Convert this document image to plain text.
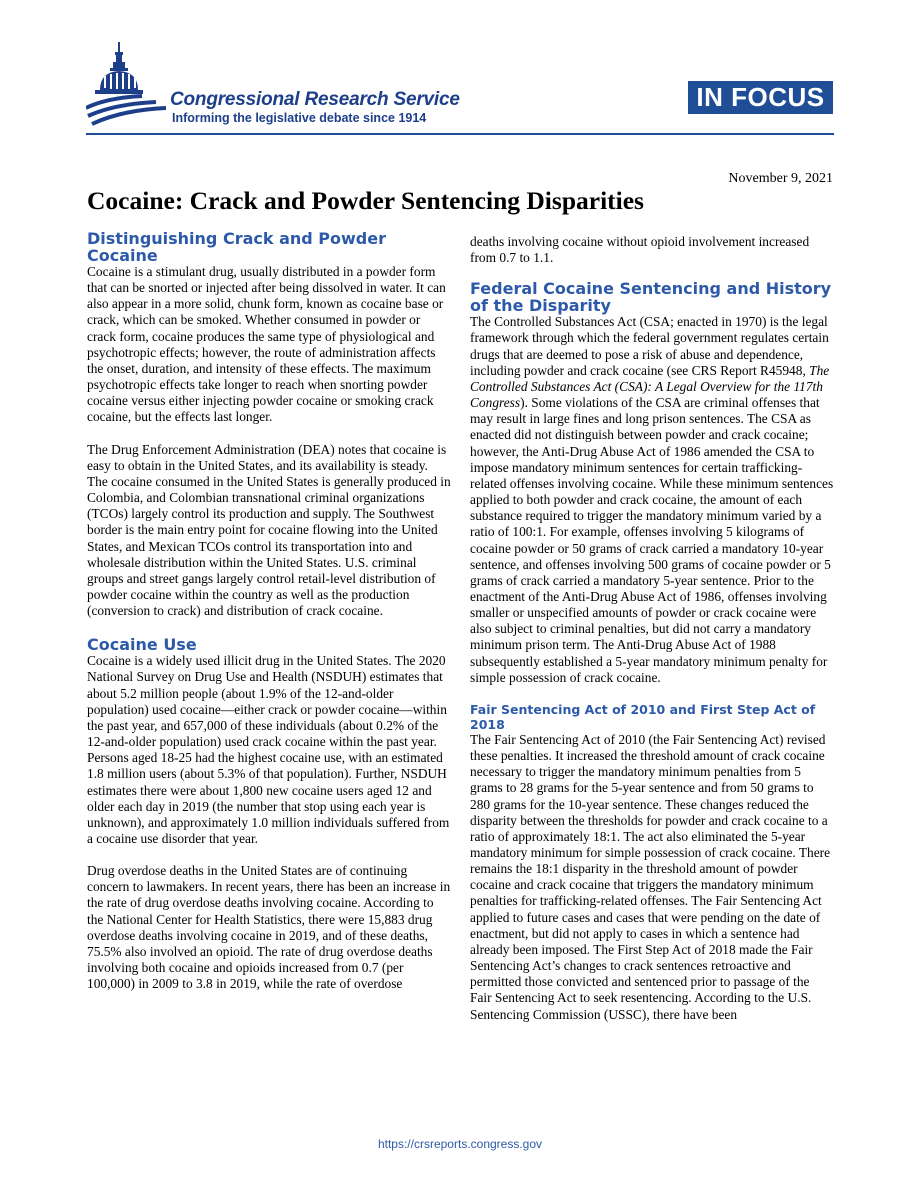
Congressional Research Service
Informing the legislative debate since 1914
IN FOCUS
November 9, 2021
Cocaine: Crack and Powder Sentencing Disparities
Distinguishing Crack and Powder Cocaine

Cocaine is a stimulant drug, usually distributed in a powder form that can be snorted or injected after being dissolved in water. It can also appear in a more solid, chunk form, known as cocaine base or crack, which can be smoked. Whether consumed in powder or crack form, cocaine produces the same type of physiological and psychotropic effects; however, the route of administration affects the onset, duration, and intensity of these effects. The maximum psychotropic effects take longer to reach when snorting powder cocaine versus either injecting powder cocaine or smoking crack cocaine, but the effects last longer.

The Drug Enforcement Administration (DEA) notes that cocaine is easy to obtain in the United States, and its availability is steady. The cocaine consumed in the United States is generally produced in Colombia, and Colombian transnational criminal organizations (TCOs) largely control its production and supply. The Southwest border is the main entry point for cocaine flowing into the United States, and Mexican TCOs control its transportation into and wholesale distribution within the United States. U.S. criminal groups and street gangs largely control retail-level distribution of powder cocaine within the country as well as the production (conversion to crack) and distribution of crack cocaine.

Cocaine Use

Cocaine is a widely used illicit drug in the United States. The 2020 National Survey on Drug Use and Health (NSDUH) estimates that about 5.2 million people (about 1.9% of the 12-and-older population) used cocaine—either crack or powder cocaine—within the past year, and 657,000 of these individuals (about 0.2% of the 12-and-older population) used crack cocaine within the past year. Persons aged 18-25 had the highest cocaine use, with an estimated 1.8 million users (about 5.3% of that population). Further, NSDUH estimates there were about 1,800 new cocaine users aged 12 and older each day in 2019 (the number that stop using each year is unknown), and approximately 1.0 million individuals suffered from a cocaine use disorder that year.

Drug overdose deaths in the United States are of continuing concern to lawmakers. In recent years, there has been an increase in the rate of drug overdose deaths involving cocaine. According to the National Center for Health Statistics, there were 15,883 drug overdose deaths involving cocaine in 2019, and of these deaths, 75.5% also involved an opioid. The rate of drug overdose deaths involving both cocaine and opioids increased from 0.7 (per 100,000) in 2009 to 3.8 in 2019, while the rate of overdose

deaths involving cocaine without opioid involvement increased from 0.7 to 1.1.

Federal Cocaine Sentencing and History of the Disparity

The Controlled Substances Act (CSA; enacted in 1970) is the legal framework through which the federal government regulates certain drugs that are deemed to pose a risk of abuse and dependence, including powder and crack cocaine (see CRS Report R45948, The Controlled Substances Act (CSA): A Legal Overview for the 117th Congress). Some violations of the CSA are criminal offenses that may result in large fines and long prison sentences. The CSA as enacted did not distinguish between powder and crack cocaine; however, the Anti-Drug Abuse Act of 1986 amended the CSA to impose mandatory minimum sentences for certain trafficking-related offenses involving cocaine. While these minimum sentences applied to both powder and crack cocaine, the amount of each substance required to trigger the mandatory minimum varied by a ratio of 100:1. For example, offenses involving 5 kilograms of cocaine powder or 50 grams of crack carried a mandatory 10-year sentence, and offenses involving 500 grams of cocaine powder or 5 grams of crack carried a mandatory 5-year sentence. Prior to the enactment of the Anti-Drug Abuse Act of 1986, offenses involving smaller or unspecified amounts of powder or crack cocaine were also subject to criminal penalties, but did not carry a mandatory minimum prison term. The Anti-Drug Abuse Act of 1988 subsequently established a 5-year mandatory minimum penalty for simple possession of crack cocaine.

Fair Sentencing Act of 2010 and First Step Act of 2018

The Fair Sentencing Act of 2010 (the Fair Sentencing Act) revised these penalties. It increased the threshold amount of crack cocaine necessary to trigger the mandatory minimum penalties from 5 grams to 28 grams for the 5-year sentence and from 50 grams to 280 grams for the 10-year sentence. These changes reduced the disparity between the thresholds for powder and crack cocaine to a ratio of approximately 18:1. The act also eliminated the 5-year mandatory minimum for simple possession of crack cocaine. There remains the 18:1 disparity in the threshold amount of powder cocaine and crack cocaine that triggers the mandatory minimum penalties for trafficking-related offenses. The Fair Sentencing Act applied to future cases and cases that were pending on the date of enactment, but did not apply to cases in which a sentence had already been imposed. The First Step Act of 2018 made the Fair Sentencing Act’s changes to crack sentences retroactive and permitted those convicted and sentenced prior to passage of the Fair Sentencing Act to seek resentencing. According to the U.S. Sentencing Commission (USSC), there have been

https://crsreports.congress.gov
